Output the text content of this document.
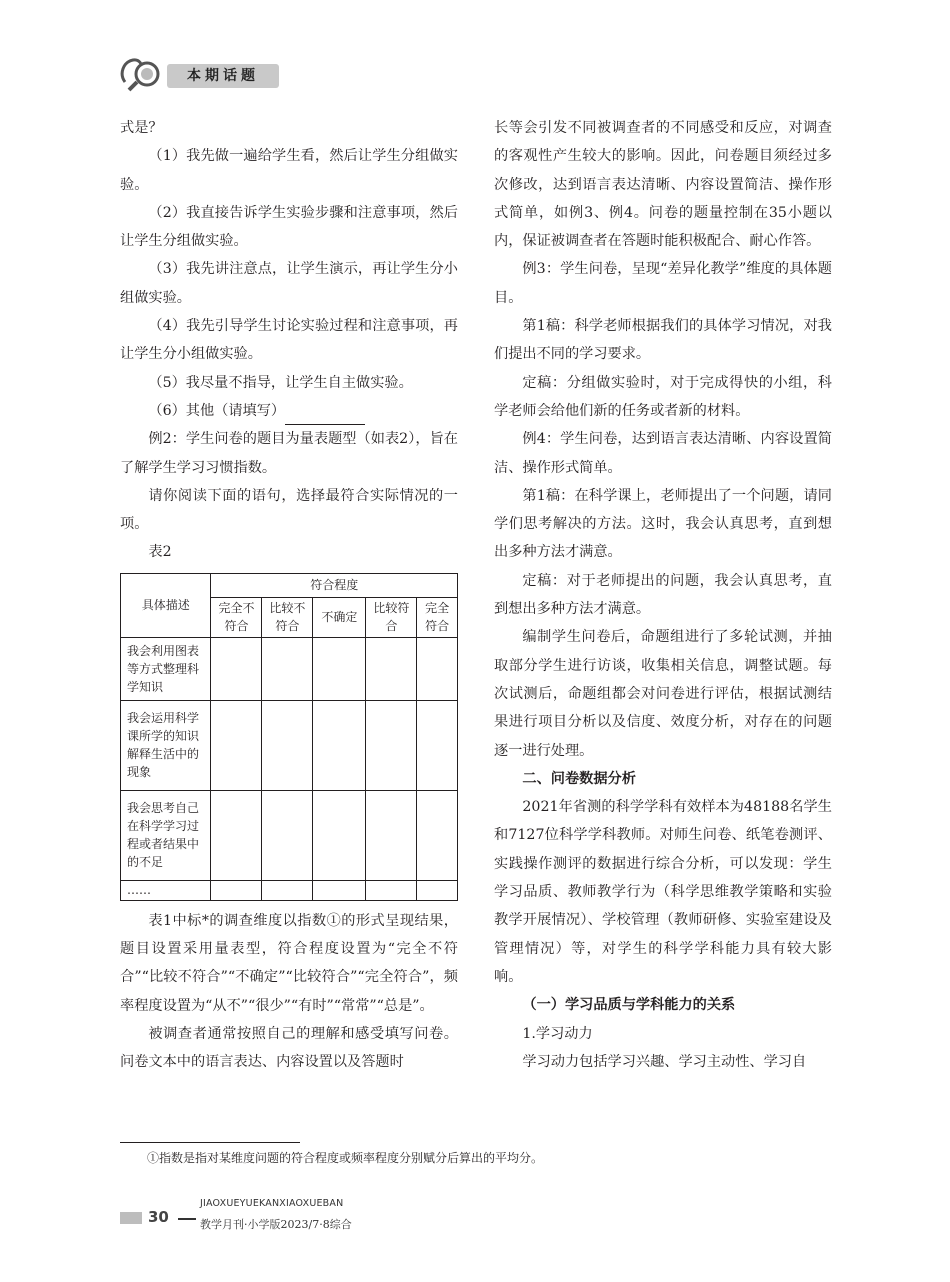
本期话题

式是？

（1）我先做一遍给学生看，然后让学生分组做实验。

（2）我直接告诉学生实验步骤和注意事项，然后让学生分组做实验。

（3）我先讲注意点，让学生演示，再让学生分小组做实验。

（4）我先引导学生讨论实验过程和注意事项，再让学生分小组做实验。

（5）我尽量不指导，让学生自主做实验。

（6）其他（请填写）

例2：学生问卷的题目为量表题型（如表2），旨在了解学生学习习惯指数。

请你阅读下面的语句，选择最符合实际情况的一项。

表2

具体描述	符合程度				
	完全不符合	比较不符合	不确定	比较符合	完全符合
我会利用图表等方式整理科学知识					
我会运用科学课所学的知识解释生活中的现象					
我会思考自己在科学学习过程或者结果中的不足					
……					

表1中标*的调查维度以指数①的形式呈现结果，题目设置采用量表型，符合程度设置为“完全不符合”“比较不符合”“不确定”“比较符合”“完全符合”，频率程度设置为“从不”“很少”“有时”“常常”“总是”。

被调查者通常按照自己的理解和感受填写问卷。问卷文本中的语言表达、内容设置以及答题时

长等会引发不同被调查者的不同感受和反应，对调查的客观性产生较大的影响。因此，问卷题目须经过多次修改，达到语言表达清晰、内容设置简洁、操作形式简单，如例3、例4。问卷的题量控制在35小题以内，保证被调查者在答题时能积极配合、耐心作答。

例3：学生问卷，呈现“差异化教学”维度的具体题目。

第1稿：科学老师根据我们的具体学习情况，对我们提出不同的学习要求。

定稿：分组做实验时，对于完成得快的小组，科学老师会给他们新的任务或者新的材料。

例4：学生问卷，达到语言表达清晰、内容设置简洁、操作形式简单。

第1稿：在科学课上，老师提出了一个问题，请同学们思考解决的方法。这时，我会认真思考，直到想出多种方法才满意。

定稿：对于老师提出的问题，我会认真思考，直到想出多种方法才满意。

编制学生问卷后，命题组进行了多轮试测，并抽取部分学生进行访谈，收集相关信息，调整试题。每次试测后，命题组都会对问卷进行评估，根据试测结果进行项目分析以及信度、效度分析，对存在的问题逐一进行处理。

二、问卷数据分析

2021年省测的科学学科有效样本为48188名学生和7127位科学学科教师。对师生问卷、纸笔卷测评、实践操作测评的数据进行综合分析，可以发现：学生学习品质、教师教学行为（科学思维教学策略和实验教学开展情况）、学校管理（教师研修、实验室建设及管理情况）等，对学生的科学学科能力具有较大影响。

（一）学习品质与学科能力的关系

1.学习动力

学习动力包括学习兴趣、学习主动性、学习自

①指数是指对某维度问题的符合程度或频率程度分别赋分后算出的平均分。
30
JIAOXUEYUEKANXIAOXUEBAN
教学月刊·小学版2023/7·8综合
